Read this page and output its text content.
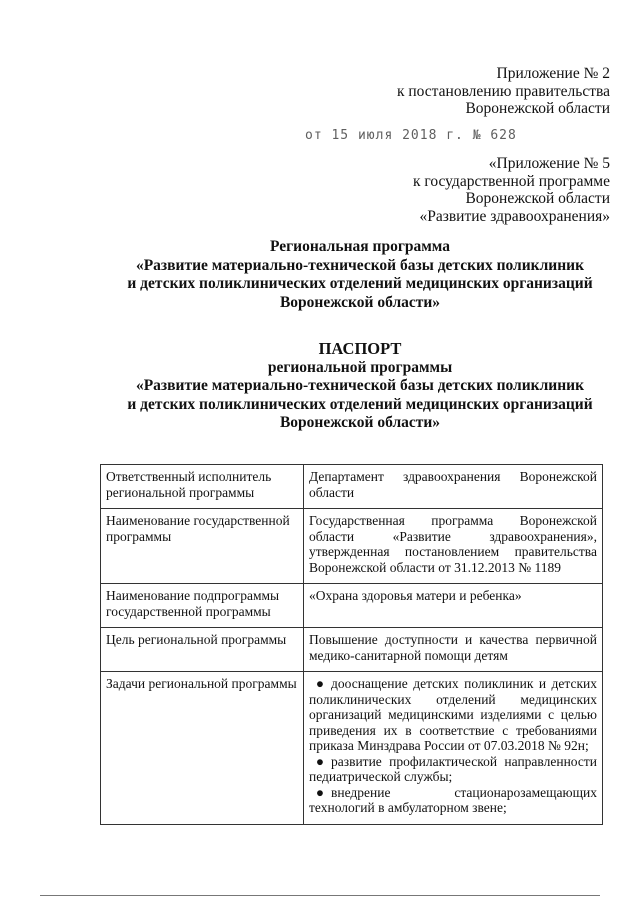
Приложение № 2
к постановлению правительства
Воронежской области
от 15 июля 2018 г. № 628
«Приложение № 5
к государственной программе
Воронежской области
«Развитие здравоохранения»
Региональная программа
«Развитие материально-технической базы детских поликлиник
и детских поликлинических отделений медицинских организаций
Воронежской области»
ПАСПОРТ
региональной программы
«Развитие материально-технической базы детских поликлиник
и детских поликлинических отделений медицинских организаций
Воронежской области»
Ответственный исполнитель региональной программы	Департамент здравоохранения Воронежской области
Наименование государственной программы	Государственная программа Воронежской области «Развитие здравоохранения», утвержденная постановлением правительства Воронежской области от 31.12.2013 № 1189
Наименование подпрограммы государственной программы	«Охрана здоровья матери и ребенка»
Цель региональной программы	Повышение доступности и качества первичной медико-санитарной помощи детям
Задачи региональной программы	● дооснащение детских поликлиник и детских поликлинических отделений медицинских организаций медицинскими изделиями с целью приведения их в соответствие с требованиями приказа Минздрава России от 07.03.2018 № 92н;
● развитие профилактической направленности педиатрической службы;
● внедрение стационарозамещающих технологий в амбулаторном звене;
